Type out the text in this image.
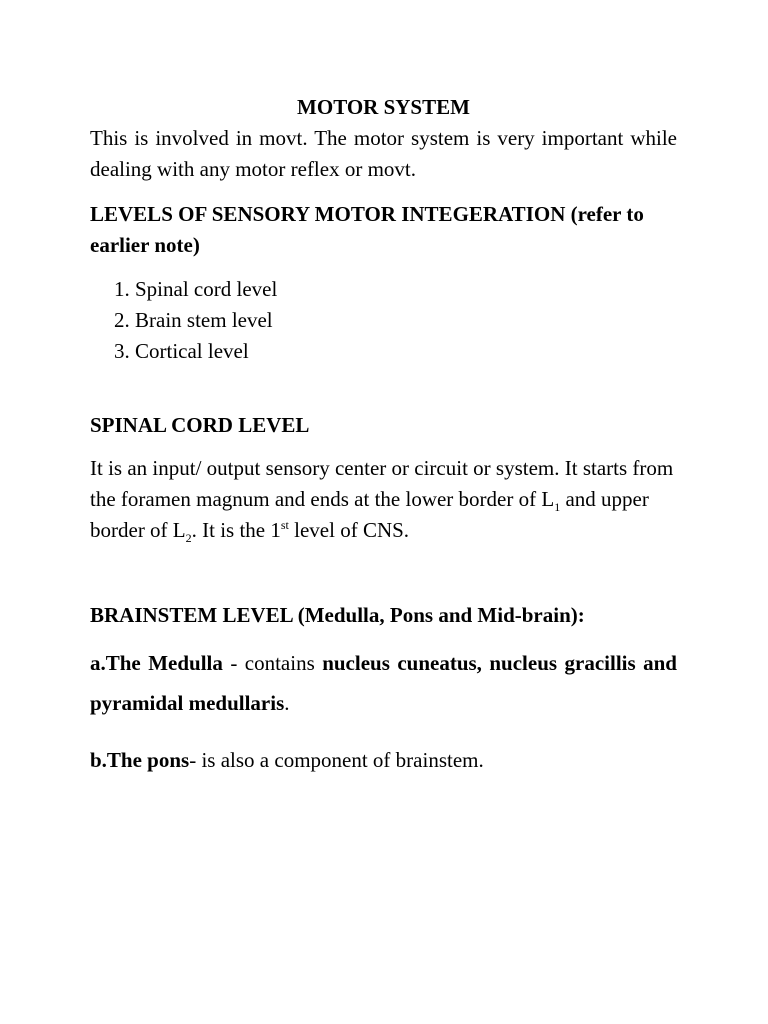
MOTOR SYSTEM

This is involved in movt. The motor system is very important while dealing with any motor reflex or movt.

LEVELS OF SENSORY MOTOR INTEGERATION (refer to earlier note)

1. Spinal cord level
2. Brain stem level
3. Cortical level

SPINAL CORD LEVEL

It is an input/ output sensory center or circuit or system. It starts from the foramen magnum and ends at the lower border of $L_1$ and upper border of $L_2$. It is the 1st level of CNS.

BRAINSTEM LEVEL (Medulla, Pons and Mid-brain):

a.The Medulla - contains nucleus cuneatus, nucleus gracillis and pyramidal medullaris.

b.The pons- is also a component of brainstem.
